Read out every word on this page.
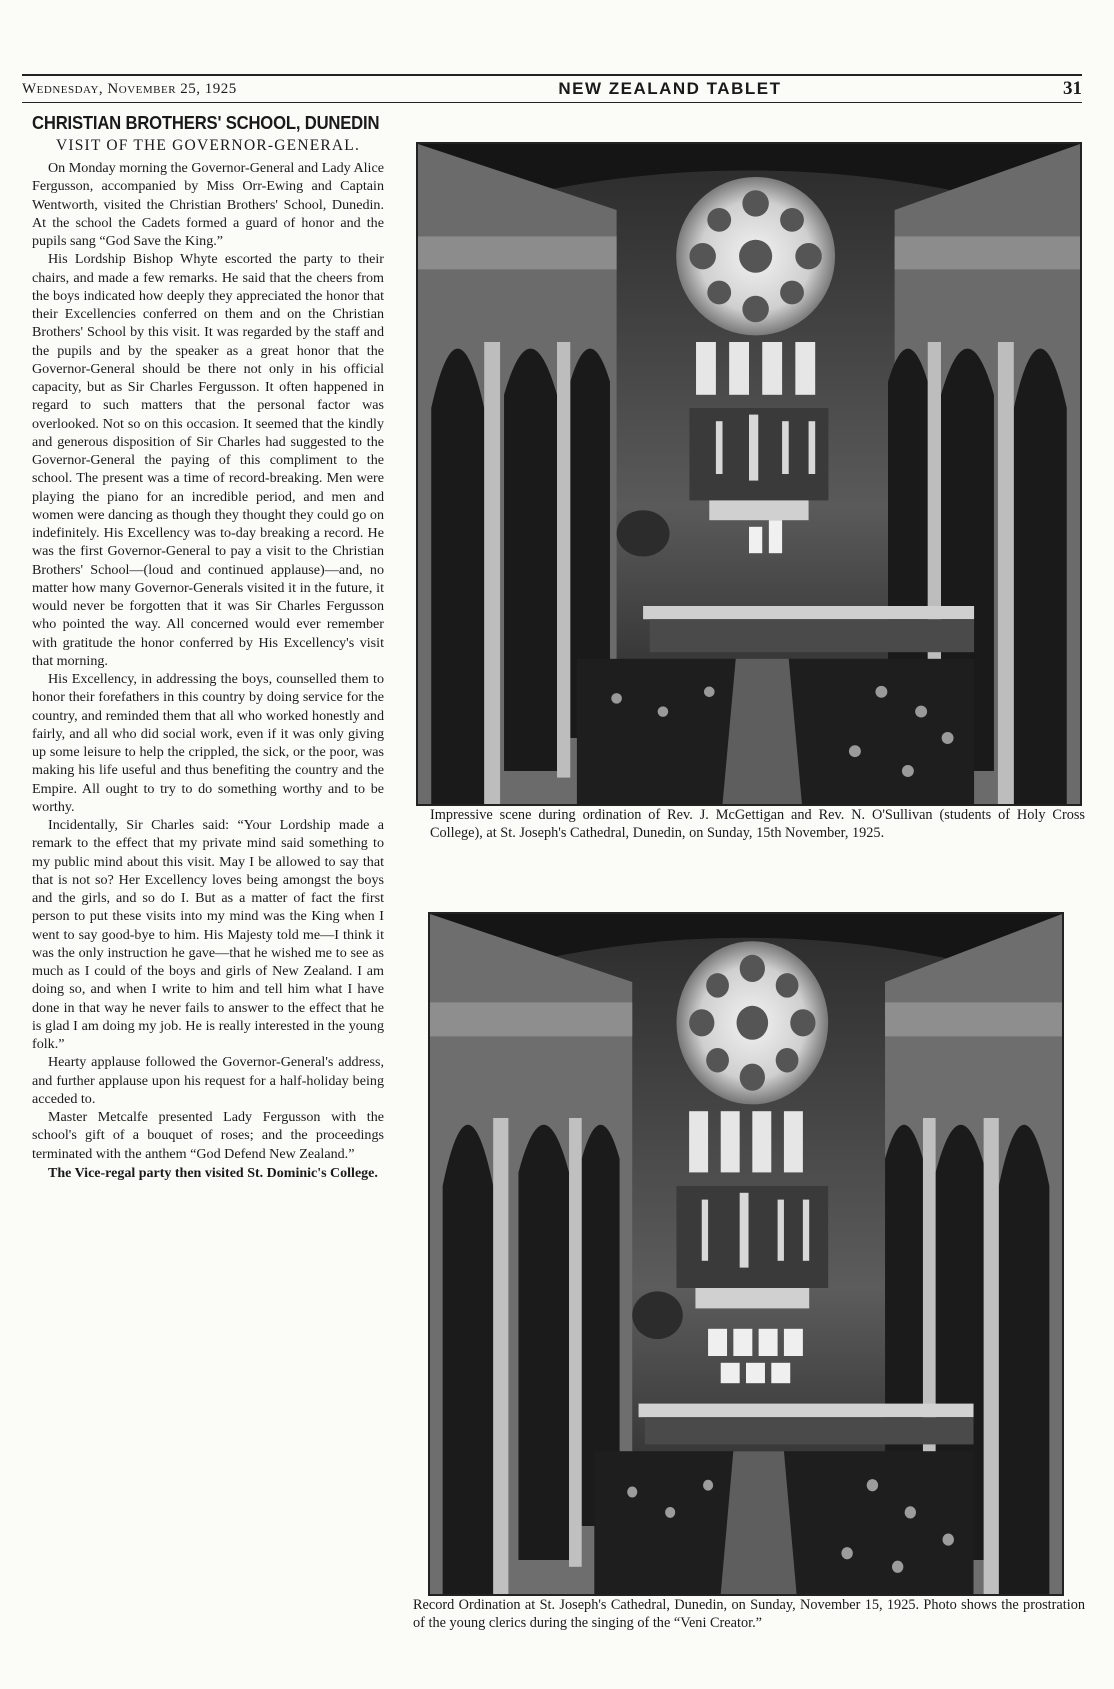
Wednesday, November 25, 1925	NEW ZEALAND TABLET	31
CHRISTIAN BROTHERS' SCHOOL, DUNEDIN
VISIT OF THE GOVERNOR-GENERAL.

On Monday morning the Governor-General and Lady Alice Fergusson, accompanied by Miss Orr-Ewing and Captain Wentworth, visited the Christian Brothers' School, Dunedin. At the school the Cadets formed a guard of honor and the pupils sang “God Save the King.”

His Lordship Bishop Whyte escorted the party to their chairs, and made a few remarks. He said that the cheers from the boys indicated how deeply they appreciated the honor that their Excellencies conferred on them and on the Christian Brothers' School by this visit. It was regarded by the staff and the pupils and by the speaker as a great honor that the Governor-General should be there not only in his official capacity, but as Sir Charles Fergusson. It often happened in regard to such matters that the personal factor was overlooked. Not so on this occasion. It seemed that the kindly and generous disposition of Sir Charles had suggested to the Governor-General the paying of this compliment to the school. The present was a time of record-breaking. Men were playing the piano for an incredible period, and men and women were dancing as though they thought they could go on indefinitely. His Excellency was to-day breaking a record. He was the first Governor-General to pay a visit to the Christian Brothers' School—(loud and continued applause)—and, no matter how many Governor-Generals visited it in the future, it would never be forgotten that it was Sir Charles Fergusson who pointed the way. All concerned would ever remember with gratitude the honor conferred by His Excellency's visit that morning.

His Excellency, in addressing the boys, counselled them to honor their forefathers in this country by doing service for the country, and reminded them that all who worked honestly and fairly, and all who did social work, even if it was only giving up some leisure to help the crippled, the sick, or the poor, was making his life useful and thus benefiting the country and the Empire. All ought to try to do something worthy and to be worthy.

Incidentally, Sir Charles said: “Your Lordship made a remark to the effect that my private mind said something to my public mind about this visit. May I be allowed to say that that is not so? Her Excellency loves being amongst the boys and the girls, and so do I. But as a matter of fact the first person to put these visits into my mind was the King when I went to say good-bye to him. His Majesty told me—I think it was the only instruction he gave—that he wished me to see as much as I could of the boys and girls of New Zealand. I am doing so, and when I write to him and tell him what I have done in that way he never fails to answer to the effect that he is glad I am doing my job. He is really interested in the young folk.”

Hearty applause followed the Governor-General's address, and further applause upon his request for a half-holiday being acceded to.

Master Metcalfe presented Lady Fergusson with the school's gift of a bouquet of roses; and the proceedings terminated with the anthem “God Defend New Zealand.”

The Vice-regal party then visited St. Dominic's College.

Impressive scene during ordination of Rev. J. McGettigan and Rev. N. O'Sullivan (students of Holy Cross College), at St. Joseph's Cathedral, Dunedin, on Sunday, 15th November, 1925.
Record Ordination at St. Joseph's Cathedral, Dunedin, on Sunday, November 15, 1925. Photo shows the prostration of the young clerics during the singing of the “Veni Creator.”
